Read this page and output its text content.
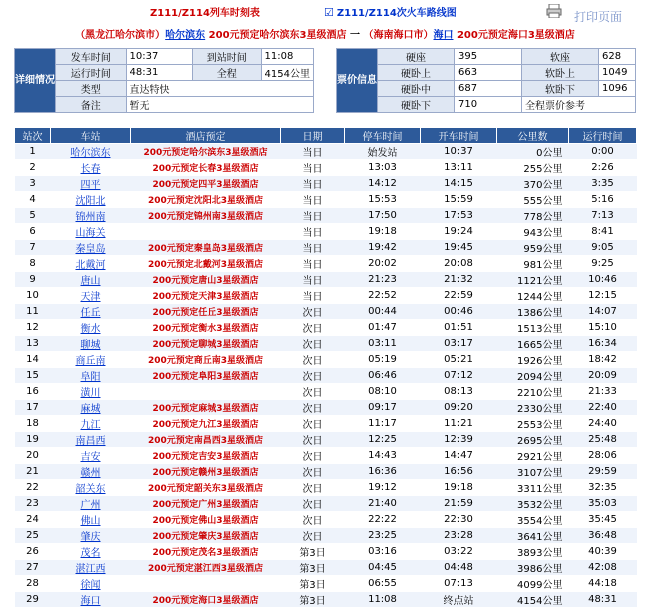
Z111/Z114列车时刻表	☑ Z111/Z114次火车路线图	打印页面
（黑龙江哈尔滨市）哈尔滨东 200元预定哈尔滨东3星级酒店 一 （海南海口市）海口 200元预定海口3星级酒店
详细情况	发车时间	10:37	到站时间	11:08
	运行时间	48:31	全程	4154公里
	类型	直达特快		
	备注	暂无		
票价信息	硬座	395	软座	628
	硬卧上	663	软卧上	1049
	硬卧中	687	软卧下	1096
	硬卧下	710	全程票价参考	
站次	车站	酒店预定	日期	停车时间	开车时间	公里数	运行时间
1	哈尔滨东	200元预定哈尔滨东3星级酒店	当日	始发站	10:37	0公里	0:00
2	长春	200元预定长春3星级酒店	当日	13:03	13:11	255公里	2:26
3	四平	200元预定四平3星级酒店	当日	14:12	14:15	370公里	3:35
4	沈阳北	200元预定沈阳北3星级酒店	当日	15:53	15:59	555公里	5:16
5	锦州南	200元预定锦州南3星级酒店	当日	17:50	17:53	778公里	7:13
6	山海关		当日	19:18	19:24	943公里	8:41
7	秦皇岛	200元预定秦皇岛3星级酒店	当日	19:42	19:45	959公里	9:05
8	北戴河	200元预定北戴河3星级酒店	当日	20:02	20:08	981公里	9:25
9	唐山	200元预定唐山3星级酒店	当日	21:23	21:32	1121公里	10:46
10	天津	200元预定天津3星级酒店	当日	22:52	22:59	1244公里	12:15
11	任丘	200元预定任丘3星级酒店	次日	00:44	00:46	1386公里	14:07
12	衡水	200元预定衡水3星级酒店	次日	01:47	01:51	1513公里	15:10
13	聊城	200元预定聊城3星级酒店	次日	03:11	03:17	1665公里	16:34
14	商丘南	200元预定商丘南3星级酒店	次日	05:19	05:21	1926公里	18:42
15	阜阳	200元预定阜阳3星级酒店	次日	06:46	07:12	2094公里	20:09
16	潢川		次日	08:10	08:13	2210公里	21:33
17	麻城	200元预定麻城3星级酒店	次日	09:17	09:20	2330公里	22:40
18	九江	200元预定九江3星级酒店	次日	11:17	11:21	2553公里	24:40
19	南昌西	200元预定南昌西3星级酒店	次日	12:25	12:39	2695公里	25:48
20	吉安	200元预定吉安3星级酒店	次日	14:43	14:47	2921公里	28:06
21	赣州	200元预定赣州3星级酒店	次日	16:36	16:56	3107公里	29:59
22	韶关东	200元预定韶关东3星级酒店	次日	19:12	19:18	3311公里	32:35
23	广州	200元预定广州3星级酒店	次日	21:40	21:59	3532公里	35:03
24	佛山	200元预定佛山3星级酒店	次日	22:22	22:30	3554公里	35:45
25	肇庆	200元预定肇庆3星级酒店	次日	23:25	23:28	3641公里	36:48
26	茂名	200元预定茂名3星级酒店	第3日	03:16	03:22	3893公里	40:39
27	湛江西	200元预定湛江西3星级酒店	第3日	04:45	04:48	3986公里	42:08
28	徐闻		第3日	06:55	07:13	4099公里	44:18
29	海口	200元预定海口3星级酒店	第3日	11:08	终点站	4154公里	48:31
